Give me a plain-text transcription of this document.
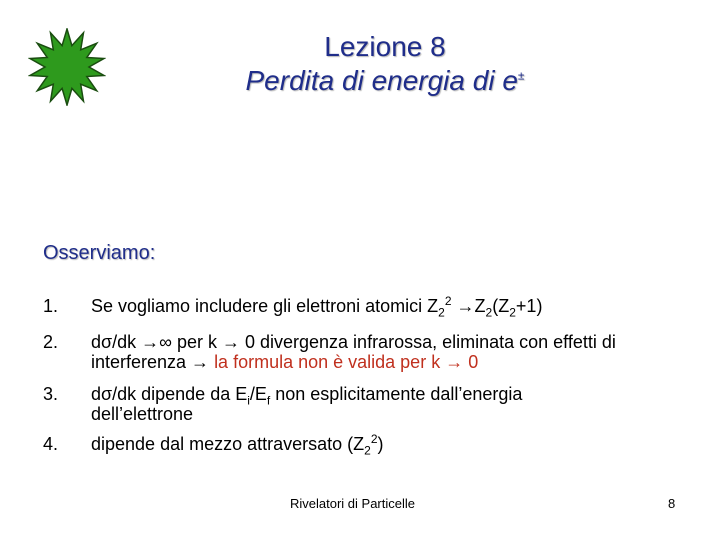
Lezione 8
Perdita di energia di e±
Osserviamo:
1.	Se vogliamo includere gli elettroni atomici $Z_2^2 \to Z_2(Z_2+1)$
2.	dσ/dk →∞ per k → 0 divergenza infrarossa, eliminata con effetti di
interferenza → la formula non è valida per k → 0
3.	dσ/dk dipende da $E_i/E_f$ non esplicitamente dall’energia
dell’elettrone
4.	dipende dal mezzo attraversato $(Z_2^2)$
Rivelatori di Particelle	8
